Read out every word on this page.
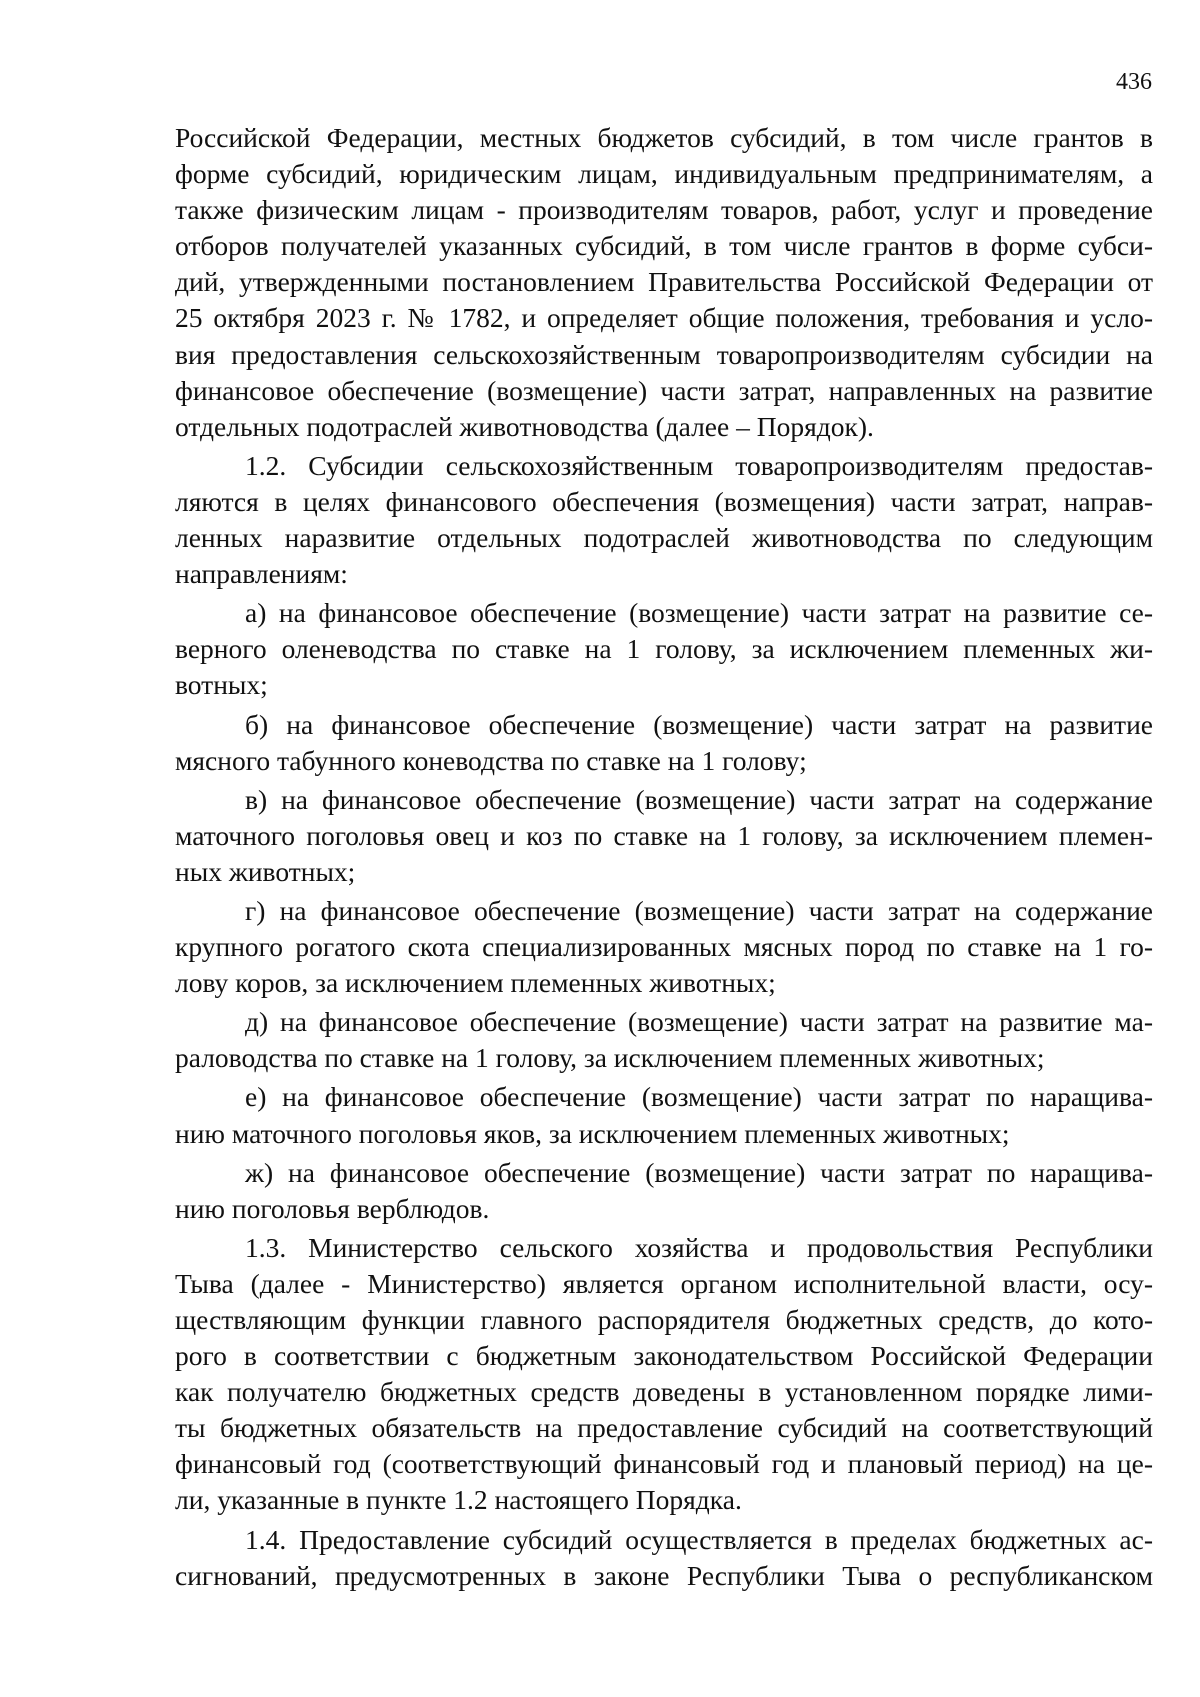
436

Российской Федерации, местных бюджетов субсидий, в том числе грантов в

форме субсидий, юридическим лицам, индивидуальным предпринимателям, а

также физическим лицам - производителям товаров, работ, услуг и проведение

отборов получателей указанных субсидий, в том числе грантов в форме субси-

дий, утвержденными постановлением Правительства Российской Федерации от

25 октября 2023 г. № 1782, и определяет общие положения, требования и усло-

вия предоставления сельскохозяйственным товаропроизводителям субсидии на

финансовое обеспечение (возмещение) части затрат, направленных на развитие

отдельных подотраслей животноводства (далее – Порядок).

1.2. Субсидии сельскохозяйственным товаропроизводителям предостав-

ляются в целях финансового обеспечения (возмещения) части затрат, направ-

ленных наразвитие отдельных подотраслей животноводства по следующим

направлениям:

а) на финансовое обеспечение (возмещение) части затрат на развитие се-

верного оленеводства по ставке на 1 голову, за исключением племенных жи-

вотных;

б) на финансовое обеспечение (возмещение) части затрат на развитие

мясного табунного коневодства по ставке на 1 голову;

в) на финансовое обеспечение (возмещение) части затрат на содержание

маточного поголовья овец и коз по ставке на 1 голову, за исключением племен-

ных животных;

г) на финансовое обеспечение (возмещение) части затрат на содержание

крупного рогатого скота специализированных мясных пород по ставке на 1 го-

лову коров, за исключением племенных животных;

д) на финансовое обеспечение (возмещение) части затрат на развитие ма-

раловодства по ставке на 1 голову, за исключением племенных животных;

е) на финансовое обеспечение (возмещение) части затрат по наращива-

нию маточного поголовья яков, за исключением племенных животных;

ж) на финансовое обеспечение (возмещение) части затрат по наращива-

нию поголовья верблюдов.

1.3. Министерство сельского хозяйства и продовольствия Республики

Тыва (далее - Министерство) является органом исполнительной власти, осу-

ществляющим функции главного распорядителя бюджетных средств, до кото-

рого в соответствии с бюджетным законодательством Российской Федерации

как получателю бюджетных средств доведены в установленном порядке лими-

ты бюджетных обязательств на предоставление субсидий на соответствующий

финансовый год (соответствующий финансовый год и плановый период) на це-

ли, указанные в пункте 1.2 настоящего Порядка.

1.4. Предоставление субсидий осуществляется в пределах бюджетных ас-

сигнований, предусмотренных в законе Республики Тыва о республиканском
